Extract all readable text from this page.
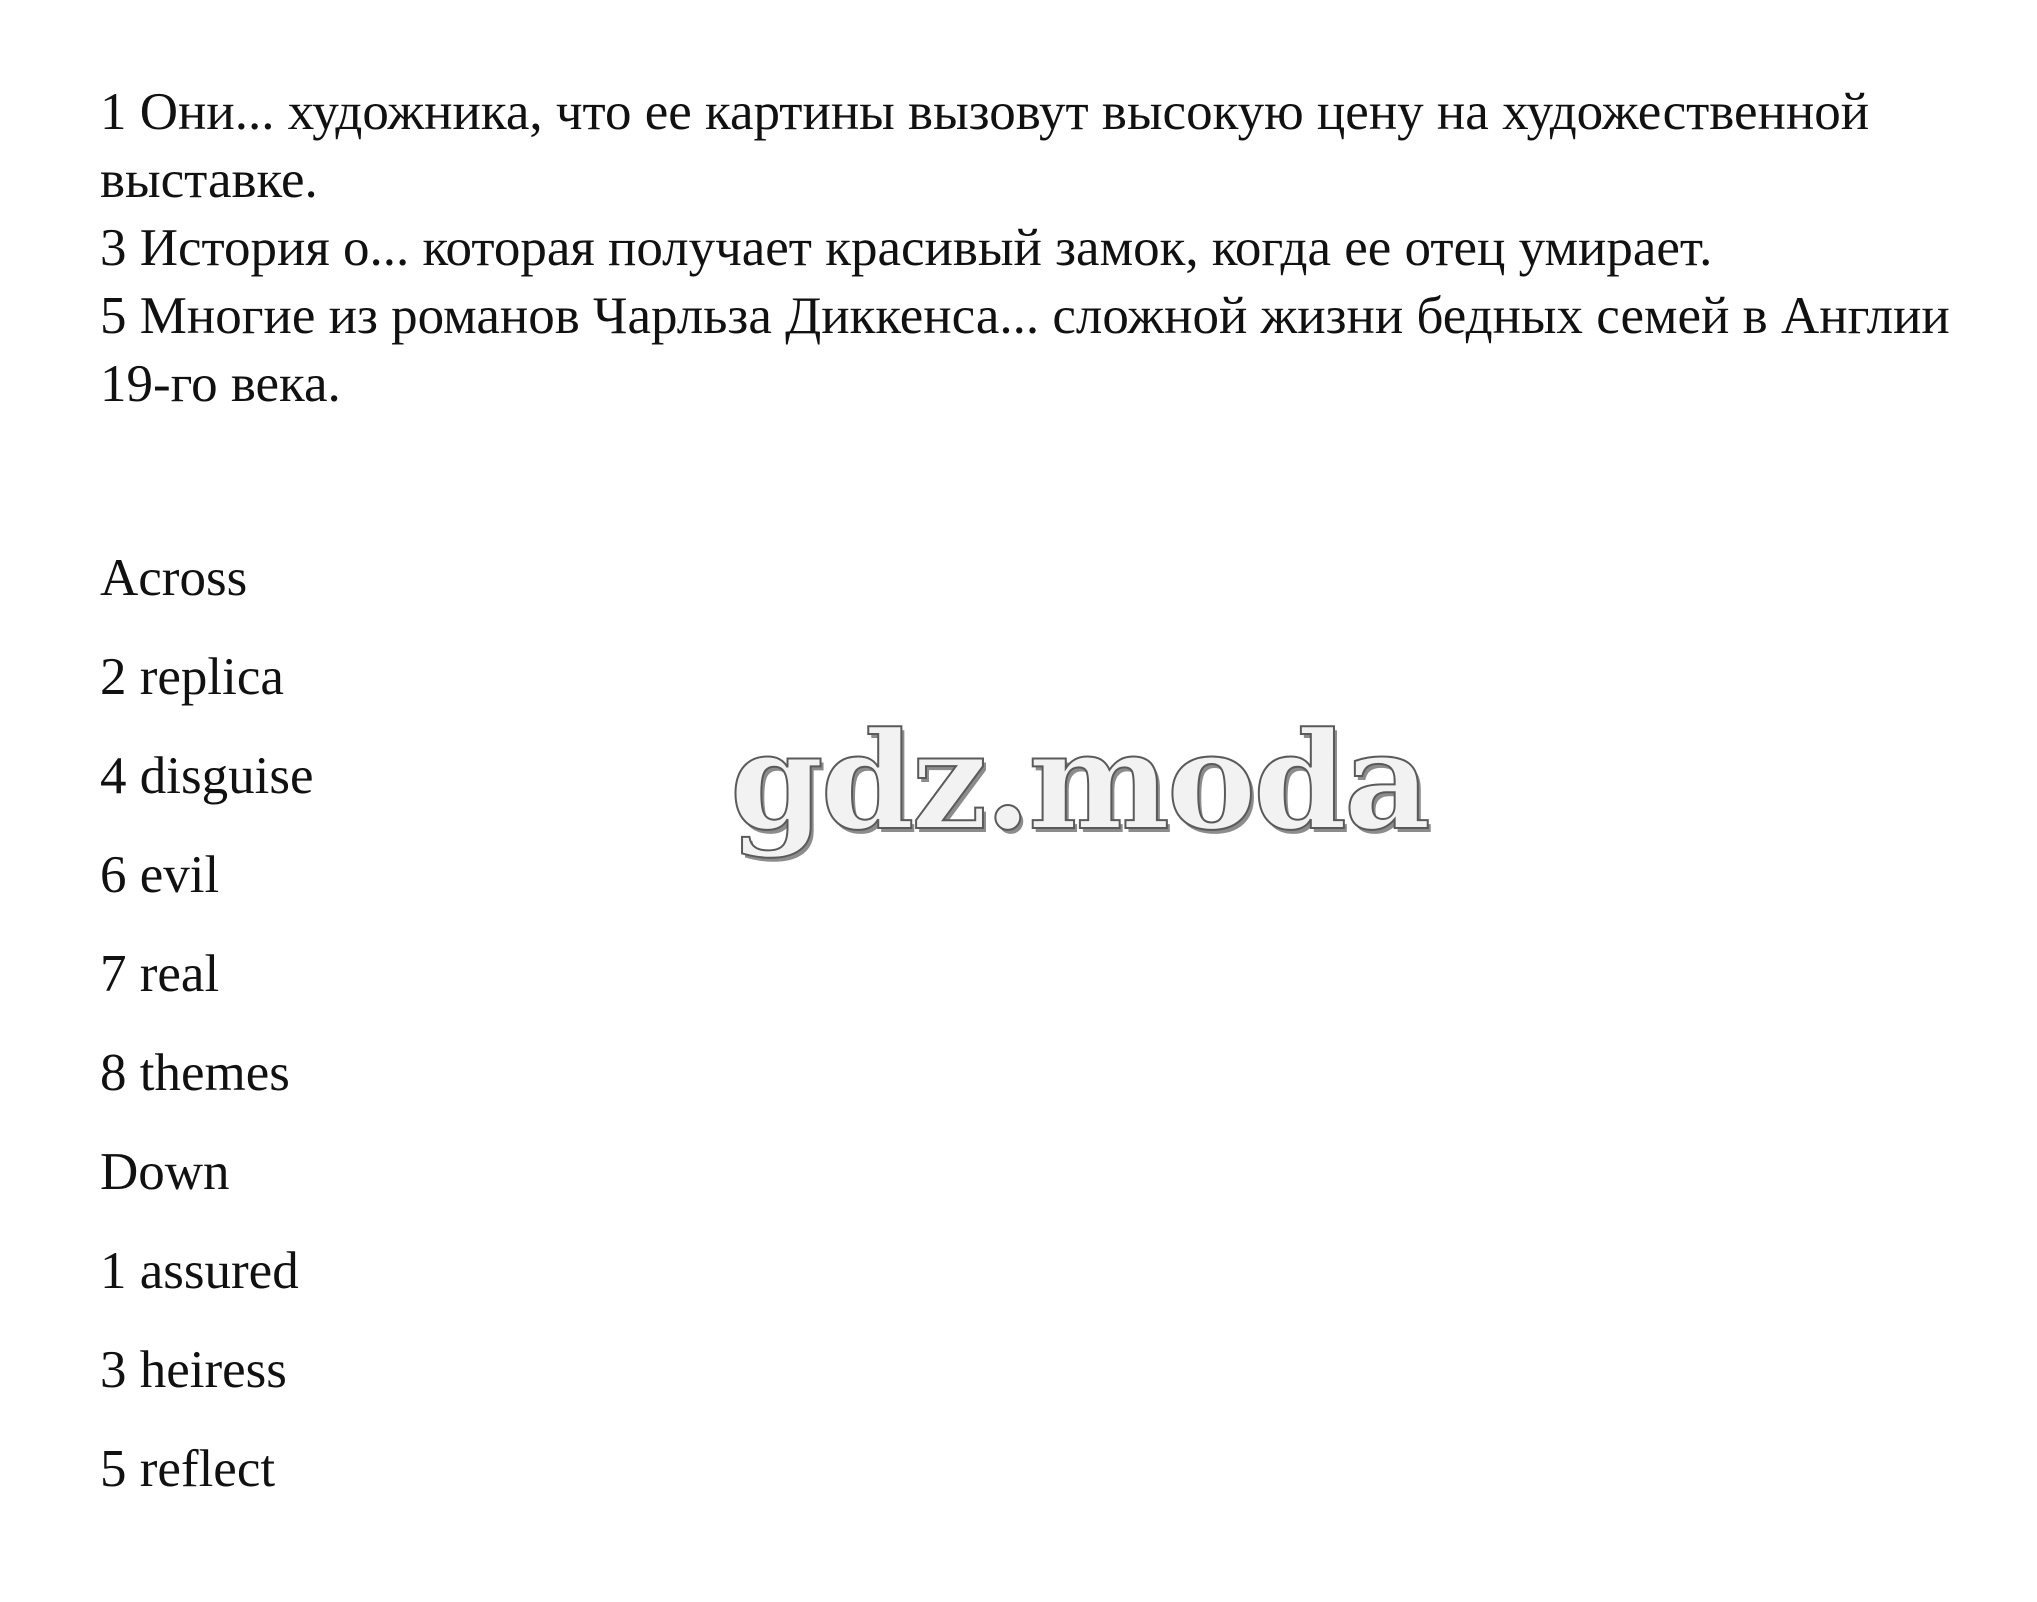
1 Они... художника, что ее картины вызовут высокую цену на художественной выставке.

3 История о... которая получает красивый замок, когда ее отец умирает.

5 Многие из романов Чарльза Диккенса... сложной жизни бедных семей в Англии 19-го века.

Across
2 replica
4 disguise
6 evil
7 real
8 themes
Down
1 assured
3 heiress
5 reflect
gdz.moda
